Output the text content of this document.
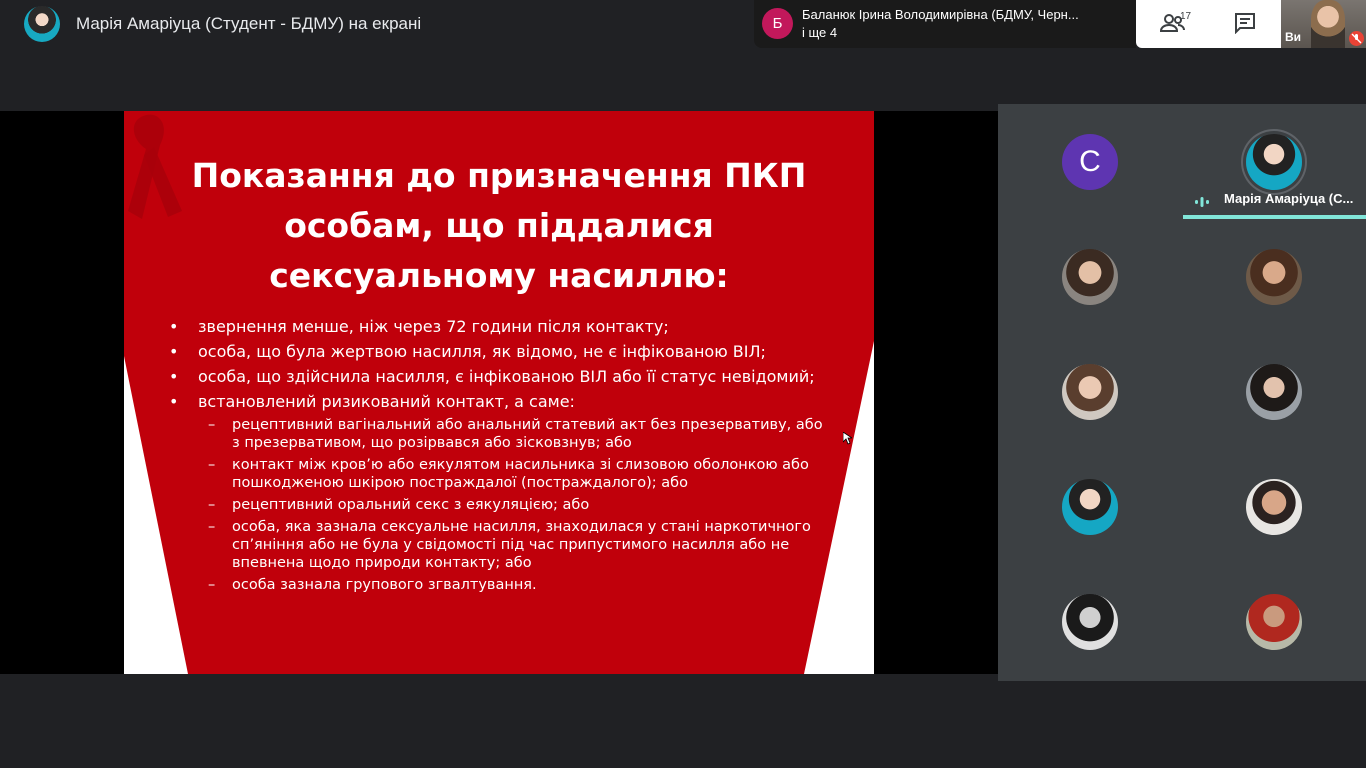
Марія Амаріуца (Студент - БДМУ) на екрані	Б
Баланюк Ірина Володимирівна (БДМУ, Черн...
і ще 4
17
Ви
Показання до призначення ПКП особам, що піддалися сексуальному насиллю:
• звернення менше, ніж через 72 години після контакту;
• особа, що була жертвою насилля, як відомо, не є інфікованою ВІЛ;
• особа, що здійснила насилля, є інфікованою ВІЛ або її статус невідомий;
• встановлений ризикований контакт, а саме:
– рецептивний вагінальний або анальний статевий акт без презервативу, або з презервативом, що розірвався або зісковзнув; або
– контакт між кров’ю або еякулятом насильника зі слизовою оболонкою або пошкодженою шкірою постраждалої (постраждалого); або
– рецептивний оральний секс з еякуляцією; або
– особа, яка зазнала сексуальне насилля, знаходилася у стані наркотичного сп’яніння або не була у свідомості під час припустимого насилля або не впевнена щодо природи контакту; або
– особа зазнала групового згвалтування.
С
Марія Амаріуца (С...
